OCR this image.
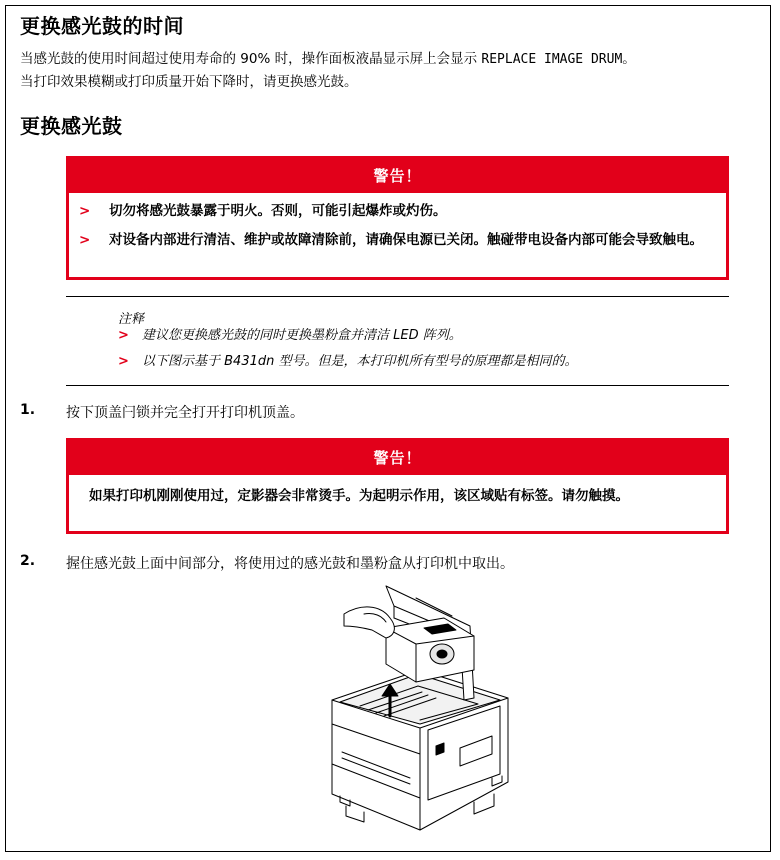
更换感光鼓的时间
当感光鼓的使用时间超过使用寿命的 90% 时，操作面板液晶显示屏上会显示 REPLACE IMAGE DRUM。
当打印效果模糊或打印质量开始下降时，请更换感光鼓。
更换感光鼓
警告！
> 切勿将感光鼓暴露于明火。否则，可能引起爆炸或灼伤。
> 对设备内部进行清洁、维护或故障清除前，请确保电源已关闭。触碰带电设备内部可能会导致触电。
注释
> 建议您更换感光鼓的同时更换墨粉盒并清洁 LED 阵列。
> 以下图示基于 B431dn 型号。但是，本打印机所有型号的原理都是相同的。
1. 按下顶盖闩锁并完全打开打印机顶盖。
警告！
如果打印机刚刚使用过，定影器会非常烫手。为起明示作用，该区域贴有标签。请勿触摸。
2. 握住感光鼓上面中间部分，将使用过的感光鼓和墨粉盒从打印机中取出。
